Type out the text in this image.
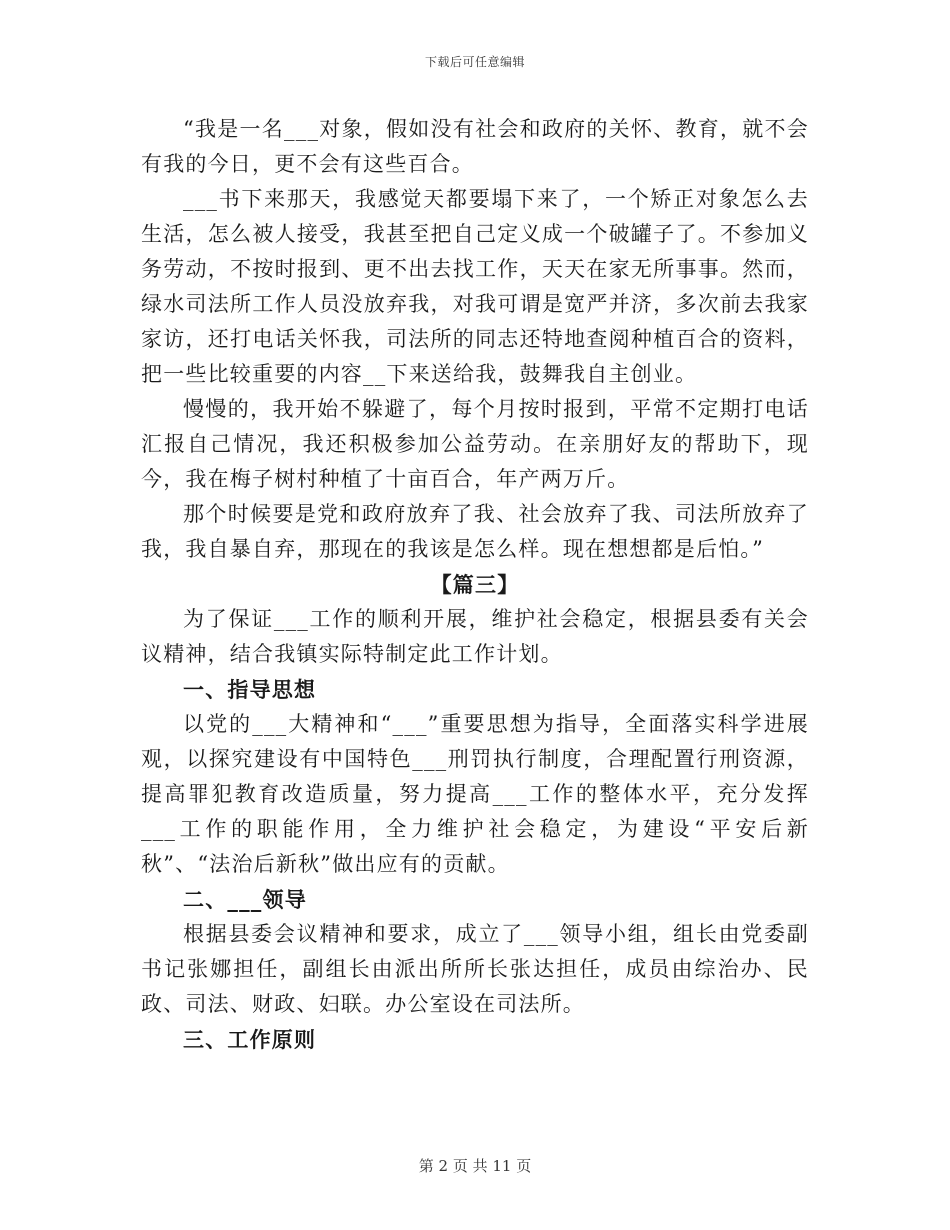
下载后可任意编辑

“我是一名___对象，假如没有社会和政府的关怀、教育，就不会有我的今日，更不会有这些百合。

___书下来那天，我感觉天都要塌下来了，一个矫正对象怎么去生活，怎么被人接受，我甚至把自己定义成一个破罐子了。不参加义务劳动，不按时报到、更不出去找工作，天天在家无所事事。然而，绿水司法所工作人员没放弃我，对我可谓是宽严并济，多次前去我家家访，还打电话关怀我，司法所的同志还特地查阅种植百合的资料，把一些比较重要的内容__下来送给我，鼓舞我自主创业。

慢慢的，我开始不躲避了，每个月按时报到，平常不定期打电话汇报自己情况，我还积极参加公益劳动。在亲朋好友的帮助下，现今，我在梅子树村种植了十亩百合，年产两万斤。

那个时候要是党和政府放弃了我、社会放弃了我、司法所放弃了我，我自暴自弃，那现在的我该是怎么样。现在想想都是后怕。”

【篇三】

为了保证___工作的顺利开展，维护社会稳定，根据县委有关会议精神，结合我镇实际特制定此工作计划。

一、指导思想

以党的___大精神和“___”重要思想为指导，全面落实科学进展观，以探究建设有中国特色___刑罚执行制度，合理配置行刑资源，提高罪犯教育改造质量，努力提高___工作的整体水平，充分发挥___工作的职能作用，全力维护社会稳定，为建设“平安后新秋”、“法治后新秋”做出应有的贡献。

二、___领导

根据县委会议精神和要求，成立了___领导小组，组长由党委副书记张娜担任，副组长由派出所所长张达担任，成员由综治办、民政、司法、财政、妇联。办公室设在司法所。

三、工作原则
第 2 页 共 11 页
